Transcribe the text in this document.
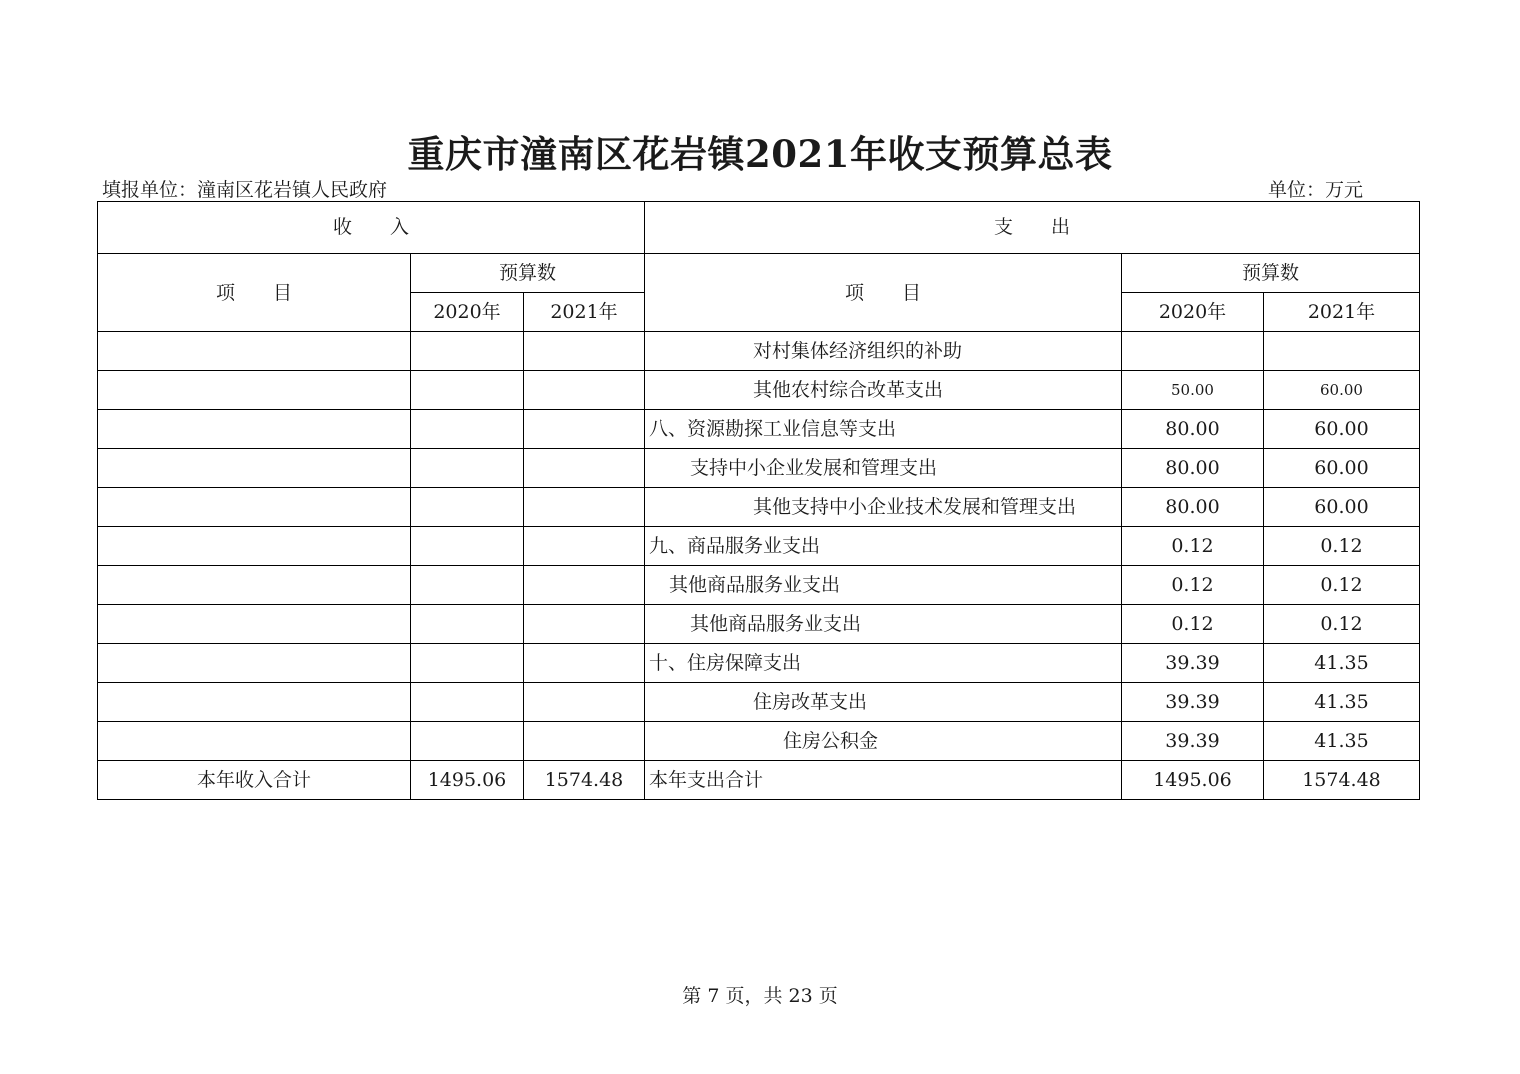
重庆市潼南区花岩镇2021年收支预算总表
填报单位：潼南区花岩镇人民政府	单位：万元
收　　入			支　　出		
项　　目	预算数		项　　目	预算数	
	2020年	2021年		2020年	2021年
			对村集体经济组织的补助		
			其他农村综合改革支出	50.00	60.00
			八、资源勘探工业信息等支出	80.00	60.00
			支持中小企业发展和管理支出	80.00	60.00
			其他支持中小企业技术发展和管理支出	80.00	60.00
			九、商品服务业支出	0.12	0.12
			其他商品服务业支出	0.12	0.12
			其他商品服务业支出	0.12	0.12
			十、住房保障支出	39.39	41.35
			住房改革支出	39.39	41.35
			住房公积金	39.39	41.35
本年收入合计	1495.06	1574.48	本年支出合计	1495.06	1574.48
第 7 页，共 23 页
